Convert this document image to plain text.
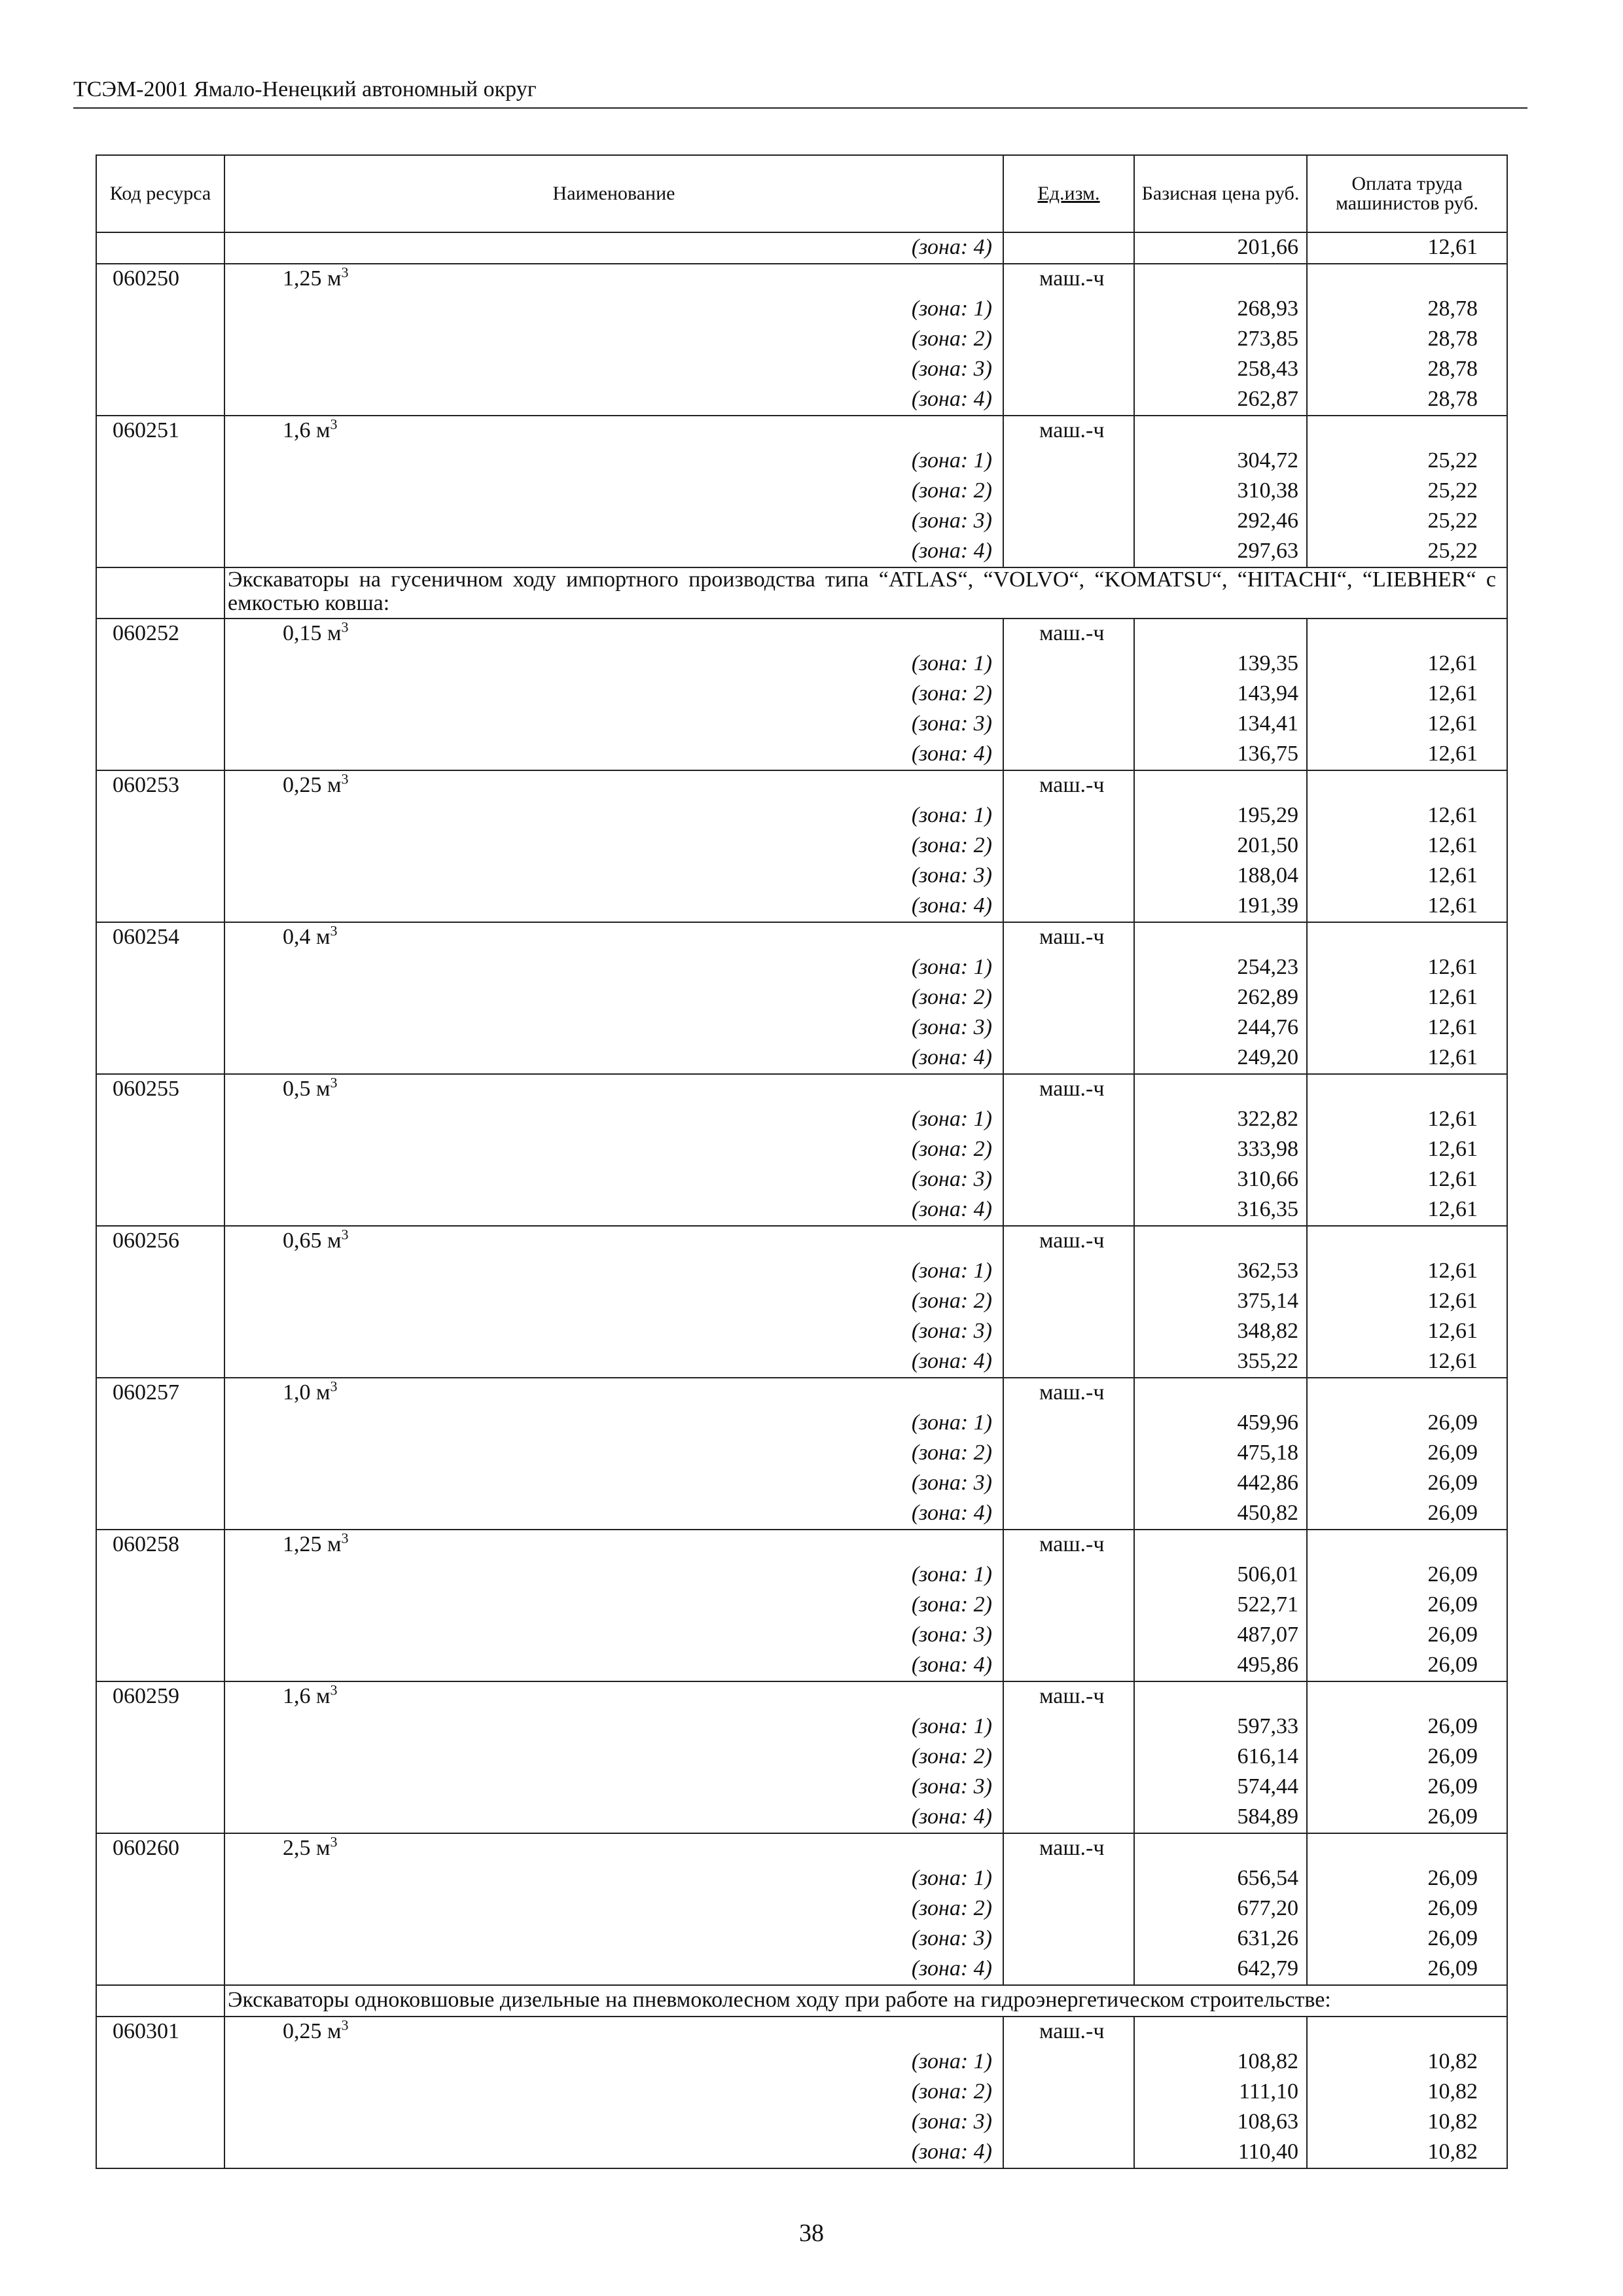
ТСЭМ-2001 Ямало-Ненецкий автономный округ
Код ресурса	Наименование	Ед.изм.	Базисная цена руб.	Оплата труда машинистов руб.
	(зона: 4)		201,66	12,61
060250	1,25 $м^3$	маш.-ч		
	(зона: 1)		268,93	28,78
	(зона: 2)		273,85	28,78
	(зона: 3)		258,43	28,78
	(зона: 4)		262,87	28,78
060251	1,6 $м^3$	маш.-ч		
	(зона: 1)		304,72	25,22
	(зона: 2)		310,38	25,22
	(зона: 3)		292,46	25,22
	(зона: 4)		297,63	25,22
	Экскаваторы на гусеничном ходу импортного производства типа “ATLAS“, “VOLVO“, “KOMATSU“, “HITACHI“, “LIEBHER“ с емкостью ковша:			
060252	0,15 $м^3$	маш.-ч		
	(зона: 1)		139,35	12,61
	(зона: 2)		143,94	12,61
	(зона: 3)		134,41	12,61
	(зона: 4)		136,75	12,61
060253	0,25 $м^3$	маш.-ч		
	(зона: 1)		195,29	12,61
	(зона: 2)		201,50	12,61
	(зона: 3)		188,04	12,61
	(зона: 4)		191,39	12,61
060254	0,4 $м^3$	маш.-ч		
	(зона: 1)		254,23	12,61
	(зона: 2)		262,89	12,61
	(зона: 3)		244,76	12,61
	(зона: 4)		249,20	12,61
060255	0,5 $м^3$	маш.-ч		
	(зона: 1)		322,82	12,61
	(зона: 2)		333,98	12,61
	(зона: 3)		310,66	12,61
	(зона: 4)		316,35	12,61
060256	0,65 $м^3$	маш.-ч		
	(зона: 1)		362,53	12,61
	(зона: 2)		375,14	12,61
	(зона: 3)		348,82	12,61
	(зона: 4)		355,22	12,61
060257	1,0 $м^3$	маш.-ч		
	(зона: 1)		459,96	26,09
	(зона: 2)		475,18	26,09
	(зона: 3)		442,86	26,09
	(зона: 4)		450,82	26,09
060258	1,25 $м^3$	маш.-ч		
	(зона: 1)		506,01	26,09
	(зона: 2)		522,71	26,09
	(зона: 3)		487,07	26,09
	(зона: 4)		495,86	26,09
060259	1,6 $м^3$	маш.-ч		
	(зона: 1)		597,33	26,09
	(зона: 2)		616,14	26,09
	(зона: 3)		574,44	26,09
	(зона: 4)		584,89	26,09
060260	2,5 $м^3$	маш.-ч		
	(зона: 1)		656,54	26,09
	(зона: 2)		677,20	26,09
	(зона: 3)		631,26	26,09
	(зона: 4)		642,79	26,09
	Экскаваторы одноковшовые дизельные на пневмоколесном ходу при работе на гидроэнергетическом строительстве:			
060301	0,25 $м^3$	маш.-ч		
	(зона: 1)		108,82	10,82
	(зона: 2)		111,10	10,82
	(зона: 3)		108,63	10,82
	(зона: 4)		110,40	10,82
38
